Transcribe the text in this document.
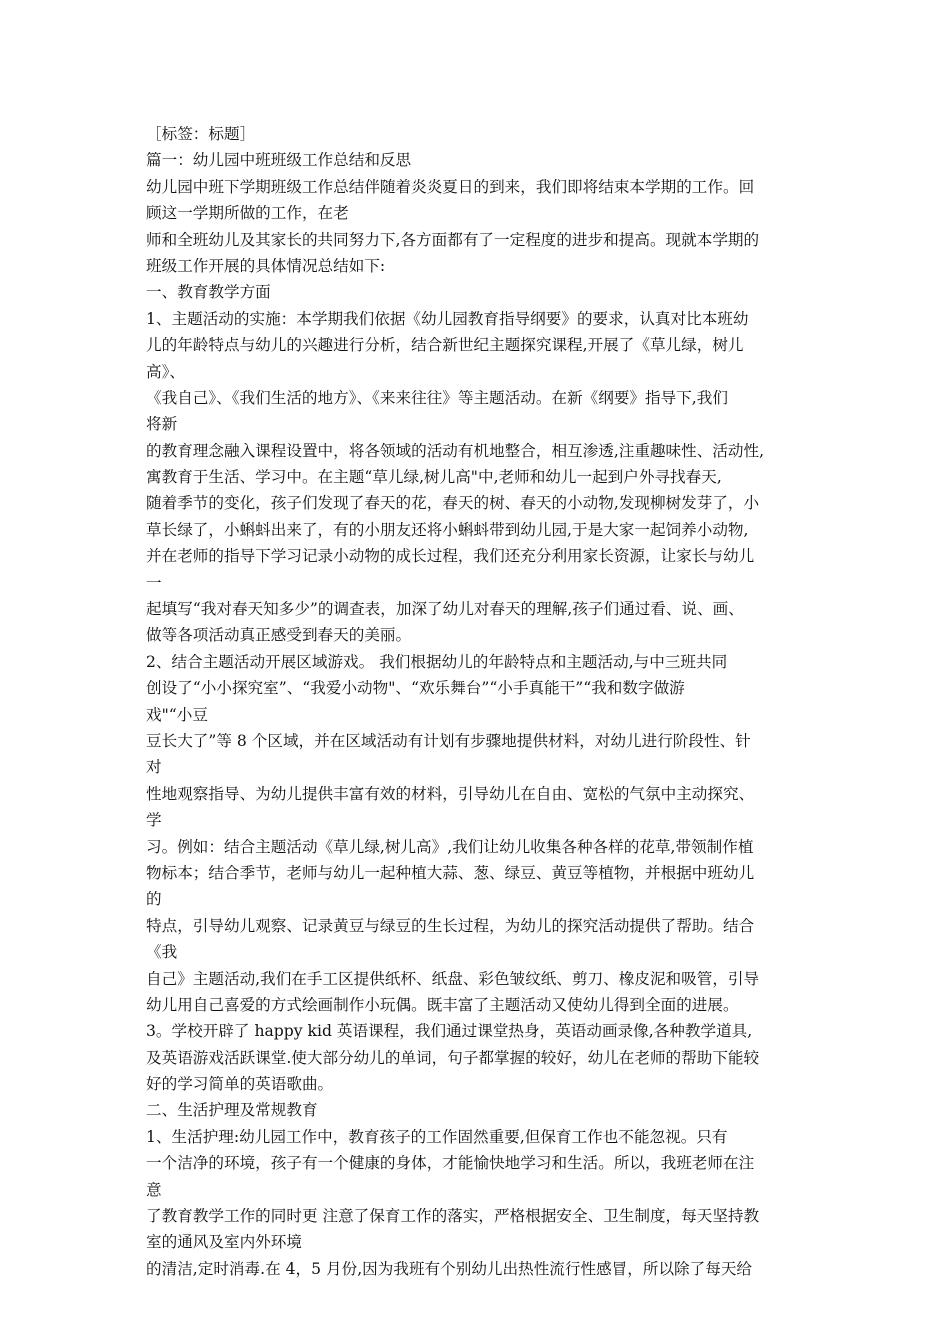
［标签：标题］
篇一：幼儿园中班班级工作总结和反思
幼儿园中班下学期班级工作总结伴随着炎炎夏日的到来，我们即将结束本学期的工作。回
顾这一学期所做的工作，在老
师和全班幼儿及其家长的共同努力下,各方面都有了一定程度的进步和提高。现就本学期的
班级工作开展的具体情况总结如下:
一、教育教学方面
1、主题活动的实施：本学期我们依据《幼儿园教育指导纲要》的要求，认真对比本班幼
儿的年龄特点与幼儿的兴趣进行分析，结合新世纪主题探究课程,开展了《草儿绿，树儿
高》、
《我自己》、《我们生活的地方》、《来来往往》等主题活动。在新《纲要》指导下,我们
将新
的教育理念融入课程设置中，将各领域的活动有机地整合，相互渗透,注重趣味性、活动性,
寓教育于生活、学习中。在主题“草儿绿,树儿高"中,老师和幼儿一起到户外寻找春天,
随着季节的变化，孩子们发现了春天的花，春天的树、春天的小动物,发现柳树发芽了，小
草长绿了，小蝌蚪出来了，有的小朋友还将小蝌蚪带到幼儿园,于是大家一起饲养小动物,
并在老师的指导下学习记录小动物的成长过程，我们还充分利用家长资源，让家长与幼儿
一
起填写“我对春天知多少”的调查表，加深了幼儿对春天的理解,孩子们通过看、说、画、
做等各项活动真正感受到春天的美丽。
2、结合主题活动开展区域游戏。 我们根据幼儿的年龄特点和主题活动,与中三班共同
创设了“小小探究室”、“我爱小动物"、“欢乐舞台”“小手真能干”“我和数字做游
戏"“小豆
豆长大了”等 8 个区域，并在区域活动有计划有步骤地提供材料，对幼儿进行阶段性、针
对
性地观察指导、为幼儿提供丰富有效的材料，引导幼儿在自由、宽松的气氛中主动探究、
学
习。例如：结合主题活动《草儿绿,树儿高》,我们让幼儿收集各种各样的花草,带领制作植
物标本；结合季节，老师与幼儿一起种植大蒜、葱、绿豆、黄豆等植物，并根据中班幼儿
的
特点，引导幼儿观察、记录黄豆与绿豆的生长过程，为幼儿的探究活动提供了帮助。结合
《我
自己》主题活动,我们在手工区提供纸杯、纸盘、彩色皱纹纸、剪刀、橡皮泥和吸管，引导
幼儿用自己喜爱的方式绘画制作小玩偶。既丰富了主题活动又使幼儿得到全面的进展。
3。学校开辟了 happy kid 英语课程，我们通过课堂热身，英语动画录像,各种教学道具,
及英语游戏活跃课堂.使大部分幼儿的单词，句子都掌握的较好，幼儿在老师的帮助下能较
好的学习简单的英语歌曲。
二、生活护理及常规教育
1、生活护理:幼儿园工作中，教育孩子的工作固然重要,但保育工作也不能忽视。只有
一个洁净的环境，孩子有一个健康的身体，才能愉快地学习和生活。所以，我班老师在注
意
了教育教学工作的同时更 注意了保育工作的落实，严格根据安全、卫生制度，每天坚持教
室的通风及室内外环境
的清洁,定时消毒.在 4，5 月份,因为我班有个别幼儿出热性流行性感冒，所以除了每天给
